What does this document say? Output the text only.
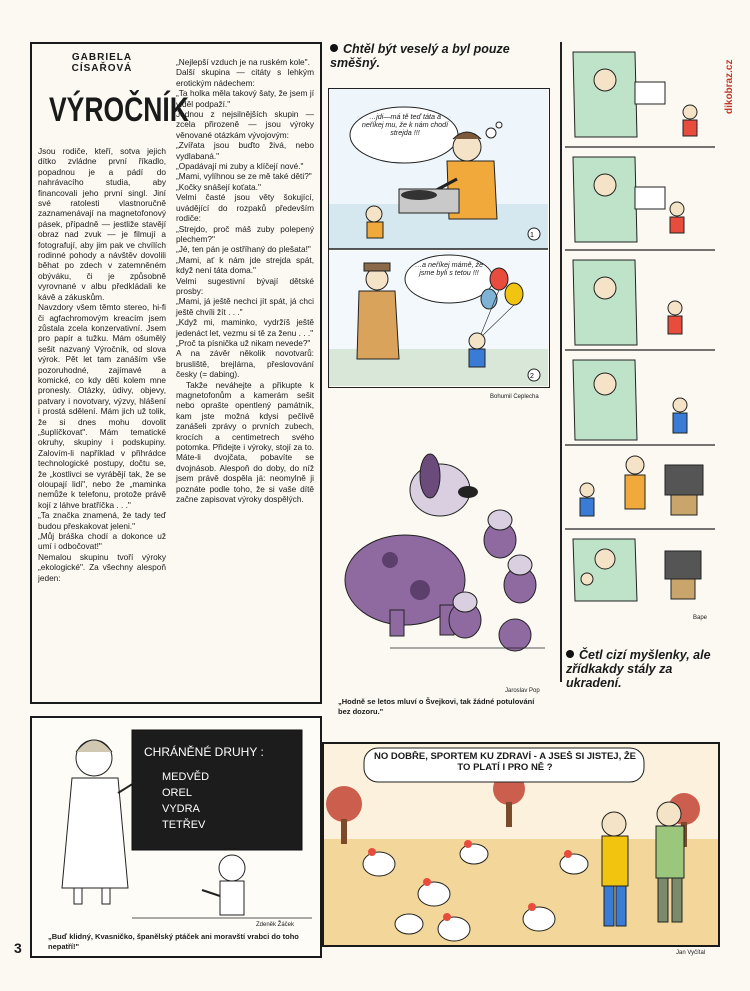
dikobraz.cz
GABRIELA
CÍSAŘOVÁ
VÝROČNÍK

Jsou rodiče, kteří, sotva jejich dítko zvládne první říkadlo, popadnou je a pádí do nahrávacího studia, aby financovali jeho první singl. Jiní své ratolesti vlastnoručně zaznamenávají na magnetofonový pásek, případně — jestliže stavějí obraz nad zvuk — je filmují a fotografují, aby jim pak ve chvílích rodinné pohody a návštěv dovolili běhat po zdech v zatemněném obýváku, či je způsobně vyrovnané v albu předkládali ke kávě a zákuskům.

Navzdory všem těmto stereo, hi-fi či agfachromovým kreacím jsem zůstala zcela konzervativní. Jsem pro papír a tužku. Mám ošumělý sešit nazvaný Výročník, od slova výrok. Pět let tam zanáším vše pozoruhodné, zajímavé a komické, co kdy děti kolem mne pronesly. Otázky, údivy, objevy, patvary i novotvary, výzvy, hlášení i prostá sdělení. Mám jich už tolik, že si dnes mohu dovolit „šuplíčkovat". Mám tematické okruhy, skupiny i podskupiny. Zalovím-li například v přihrádce technologické postupy, dočtu se, že „kostlivci se vyrábějí tak, že se oloupají lidi", nebo že „maminka nemůže k telefonu, protože právě kojí z láhve bratříčka . . ."

„Ta značka znamená, že tady teď budou přeskakovat jeleni."

„Můj bráška chodí a dokonce už umí i odbočovat!"

Nemalou skupinu tvoří výroky „ekologické". Za všechny alespoň jeden:

„Nejlepší vzduch je na ruském kole".

Další skupina — citáty s lehkým erotickým nádechem:

„Ta holka měla takový šaty, že jsem jí viděl podpaží."

Jednou z nejsilnějších skupin — zcela přirozeně — jsou výroky věnované otázkám vývojovým:

„Zvířata jsou buďto živá, nebo vydlabaná."

„Opadávají mi zuby a klíčejí nové."

„Mami, vylíhnou se ze mě také děti?"

„Kočky snášejí koťata."

Velmi časté jsou věty šokující, uvádějící do rozpaků především rodiče:

„Strejdo, proč máš zuby polepený plechem?"

„Jé, ten pán je ostříhaný do plešata!"

„Mami, ať k nám jde strejda spát, když není táta doma."

Velmi sugestivní bývají dětské prosby:

„Mami, já ještě nechci jít spát, já chci ještě chvíli žít . . ."

„Když mi, maminko, vydržíš ještě jedenáct let, vezmu si tě za ženu . . ."

„Proč ta písnička už nikam nevede?"

A na závěr několik novotvarů: brusliště, brejlárna, přeslovování česky (= dabing).

Takže neváhejte a přikupte k magnetofonům a kamerám sešit nebo oprašte opentlený památník, kam jste možná kdysi pečlivě zanášeli zprávy o prvních zubech, krocích a centimetrech svého potomka. Přidejte i výroky, stojí za to. Máte-li dvojčata, pobavíte se dvojnásob. Alespoň do doby, do níž jsem právě dospěla já: neomylně ji poznáte podle toho, že si vaše dítě začne zapisovat výroky dospělých.

Chtěl být veselý a byl pouze směšný.
…jdi—má tě teď táta a neříkej mu, že k nám chodí strejda !!!
1
…a neříkej mámě, že jsme byli s tetou !!!
2
Bohumil Ceplecha
Jaroslav Pop
„Hodně se letos mluví o Švejkovi, tak žádné potulování bez dozoru."
Bape
Četl cizí myšlenky, ale zřídkakdy stály za ukradení.
CHRÁNĚNÉ DRUHY :
MEDVĚD
OREL
VYDRA
TETŘEV
Zdeněk Žáček
„Buď klidný, Kvasničko, španělský ptáček ani moravští vrabci do toho nepatří!"
NO DOBŘE, SPORTEM KU ZDRAVÍ - A JSEŠ SI JISTEJ, ŽE TO PLATÍ I PRO NĚ ?
Jan Vyčítal
3
